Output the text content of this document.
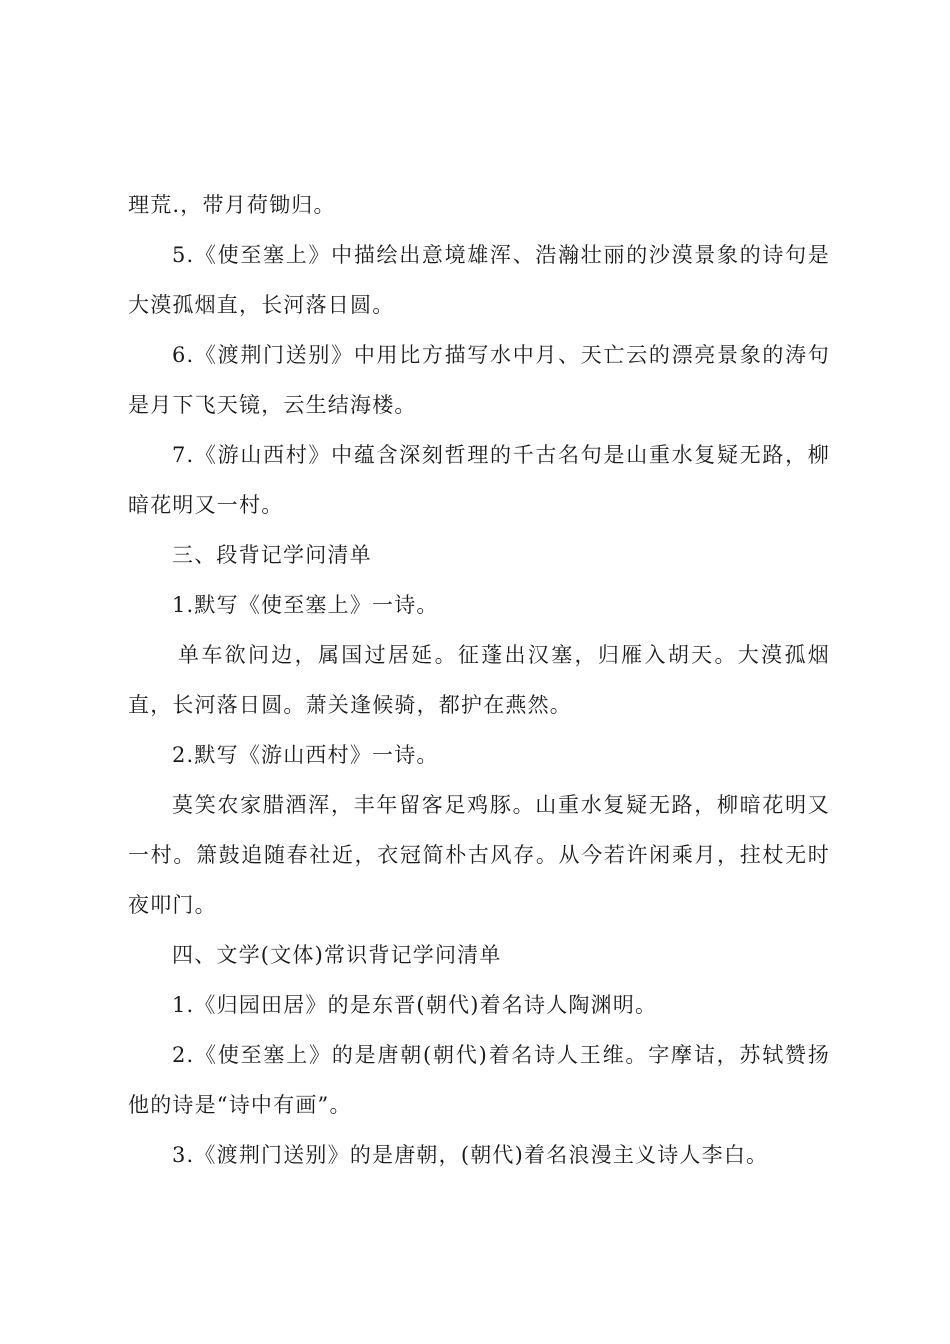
理荒.，带月荷锄归。

5.《使至塞上》中描绘出意境雄浑、浩瀚壮丽的沙漠景象的诗句是大漠孤烟直，长河落日圆。

6.《渡荆门送别》中用比方描写水中月、天亡云的漂亮景象的涛句是月下飞天镜，云生结海楼。

7.《游山西村》中蕴含深刻哲理的千古名句是山重水复疑无路，柳暗花明又一村。

三、段背记学问清单

1.默写《使至塞上》一诗。

单车欲问边，属国过居延。征蓬出汉塞，归雁入胡天。大漠孤烟直，长河落日圆。萧关逢候骑，都护在燕然。

2.默写《游山西村》一诗。

莫笑农家腊酒浑，丰年留客足鸡豚。山重水复疑无路，柳暗花明又一村。箫鼓追随春社近，衣冠简朴古风存。从今若许闲乘月，拄杖无时夜叩门。

四、文学(文体)常识背记学问清单

1.《归园田居》的是东晋(朝代)着名诗人陶渊明。

2.《使至塞上》的是唐朝(朝代)着名诗人王维。字摩诘，苏轼赞扬他的诗是“诗中有画”。

3.《渡荆门送别》的是唐朝，(朝代)着名浪漫主义诗人李白。
